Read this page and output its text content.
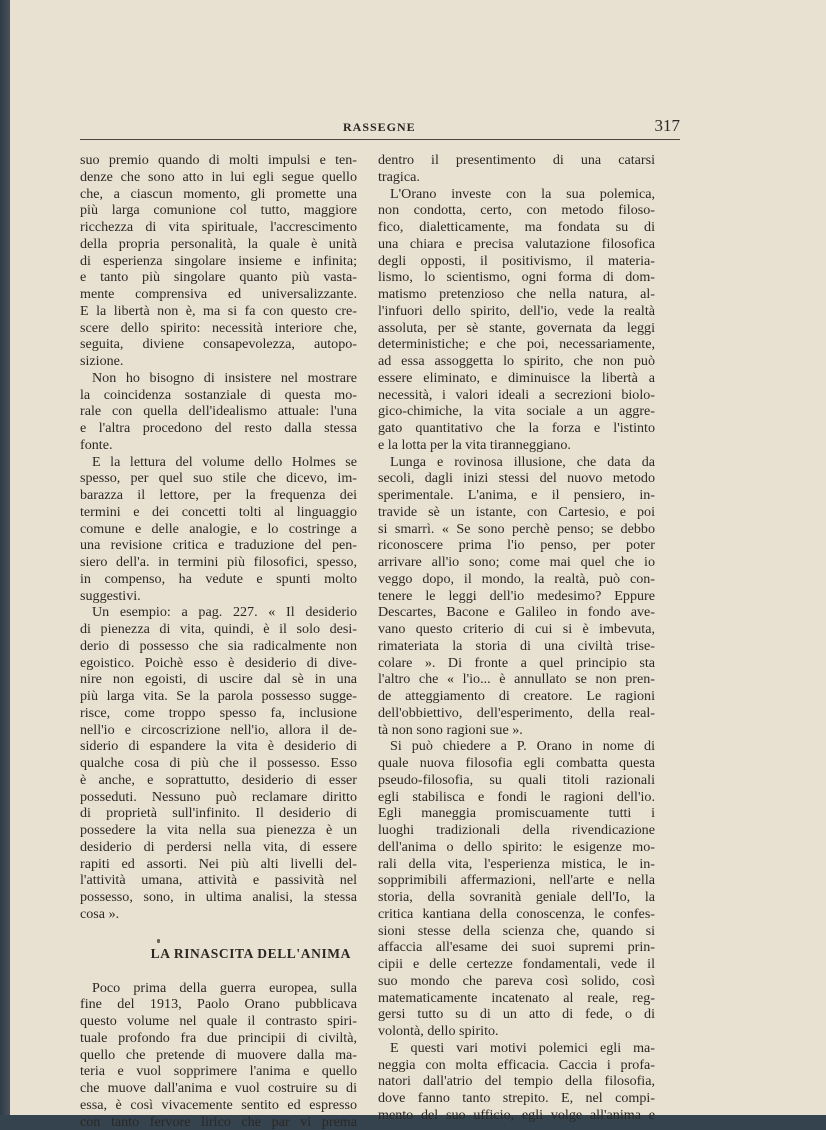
RASSEGNE	317
suo premio quando di molti impulsi e ten-
denze che sono atto in lui egli segue quello
che, a ciascun momento, gli promette una
più larga comunione col tutto, maggiore
ricchezza di vita spirituale, l'accrescimento
della propria personalità, la quale è unità
di esperienza singolare insieme e infinita;
e tanto più singolare quanto più vasta-
mente comprensiva ed universalizzante.
E la libertà non è, ma si fa con questo cre-
scere dello spirito: necessità interiore che,
seguita, diviene consapevolezza, autopo-
sizione.
Non ho bisogno di insistere nel mostrare
la coincidenza sostanziale di questa mo-
rale con quella dell'idealismo attuale: l'una
e l'altra procedono del resto dalla stessa
fonte.
E la lettura del volume dello Holmes se
spesso, per quel suo stile che dicevo, im-
barazza il lettore, per la frequenza dei
termini e dei concetti tolti al linguaggio
comune e delle analogie, e lo costringe a
una revisione critica e traduzione del pen-
siero dell'a. in termini più filosofici, spesso,
in compenso, ha vedute e spunti molto
suggestivi.
Un esempio: a pag. 227. « Il desiderio
di pienezza di vita, quindi, è il solo desi-
derio di possesso che sia radicalmente non
egoistico. Poichè esso è desiderio di dive-
nire non egoisti, di uscire dal sè in una
più larga vita. Se la parola possesso sugge-
risce, come troppo spesso fa, inclusione
nell'io e circoscrizione nell'io, allora il de-
siderio di espandere la vita è desiderio di
qualche cosa di più che il possesso. Esso
è anche, e soprattutto, desiderio di esser
posseduti. Nessuno può reclamare diritto
di proprietà sull'infinito. Il desiderio di
possedere la vita nella sua pienezza è un
desiderio di perdersi nella vita, di essere
rapiti ed assorti. Nei più alti livelli del-
l'attività umana, attività e passività nel
possesso, sono, in ultima analisi, la stessa
cosa ».
LA RINASCITA DELL'ANIMA
Poco prima della guerra europea, sulla
fine del 1913, Paolo Orano pubblicava
questo volume nel quale il contrasto spiri-
tuale profondo fra due principii di civiltà,
quello che pretende di muovere dalla ma-
teria e vuol sopprimere l'anima e quello
che muove dall'anima e vuol costruire su di
essa, è così vivacemente sentito ed espresso
con tanto fervore lirico che par vi prema
dentro il presentimento di una catarsi
tragica.
L'Orano investe con la sua polemica,
non condotta, certo, con metodo filoso-
fico, dialetticamente, ma fondata su di
una chiara e precisa valutazione filosofica
degli opposti, il positivismo, il materia-
lismo, lo scientismo, ogni forma di dom-
matismo pretenzioso che nella natura, al-
l'infuori dello spirito, dell'io, vede la realtà
assoluta, per sè stante, governata da leggi
deterministiche; e che poi, necessariamente,
ad essa assoggetta lo spirito, che non può
essere eliminato, e diminuisce la libertà a
necessità, i valori ideali a secrezioni biolo-
gico-chimiche, la vita sociale a un aggre-
gato quantitativo che la forza e l'istinto
e la lotta per la vita tiranneggiano.
Lunga e rovinosa illusione, che data da
secoli, dagli inizi stessi del nuovo metodo
sperimentale. L'anima, e il pensiero, in-
travide sè un istante, con Cartesio, e poi
si smarrì. « Se sono perchè penso; se debbo
riconoscere prima l'io penso, per poter
arrivare all'io sono; come mai quel che io
veggo dopo, il mondo, la realtà, può con-
tenere le leggi dell'io medesimo? Eppure
Descartes, Bacone e Galileo in fondo ave-
vano questo criterio di cui si è imbevuta,
rimateriata la storia di una civiltà trise-
colare ». Di fronte a quel principio sta
l'altro che « l'io... è annullato se non pren-
de atteggiamento di creatore. Le ragioni
dell'obbiettivo, dell'esperimento, della real-
tà non sono ragioni sue ».
Si può chiedere a P. Orano in nome di
quale nuova filosofia egli combatta questa
pseudo-filosofia, su quali titoli razionali
egli stabilisca e fondi le ragioni dell'io.
Egli maneggia promiscuamente tutti i
luoghi tradizionali della rivendicazione
dell'anima o dello spirito: le esigenze mo-
rali della vita, l'esperienza mistica, le in-
sopprimibili affermazioni, nell'arte e nella
storia, della sovranità geniale dell'Io, la
critica kantiana della conoscenza, le confes-
sioni stesse della scienza che, quando si
affaccia all'esame dei suoi supremi prin-
cipii e delle certezze fondamentali, vede il
suo mondo che pareva così solido, così
matematicamente incatenato al reale, reg-
gersi tutto su di un atto di fede, o di
volontà, dello spirito.
E questi vari motivi polemici egli ma-
neggia con molta efficacia. Caccia i profa-
natori dall'atrio del tempio della filosofia,
dove fanno tanto strepito. E, nel compi-
mento del suo ufficio, egli volge all'anima e
